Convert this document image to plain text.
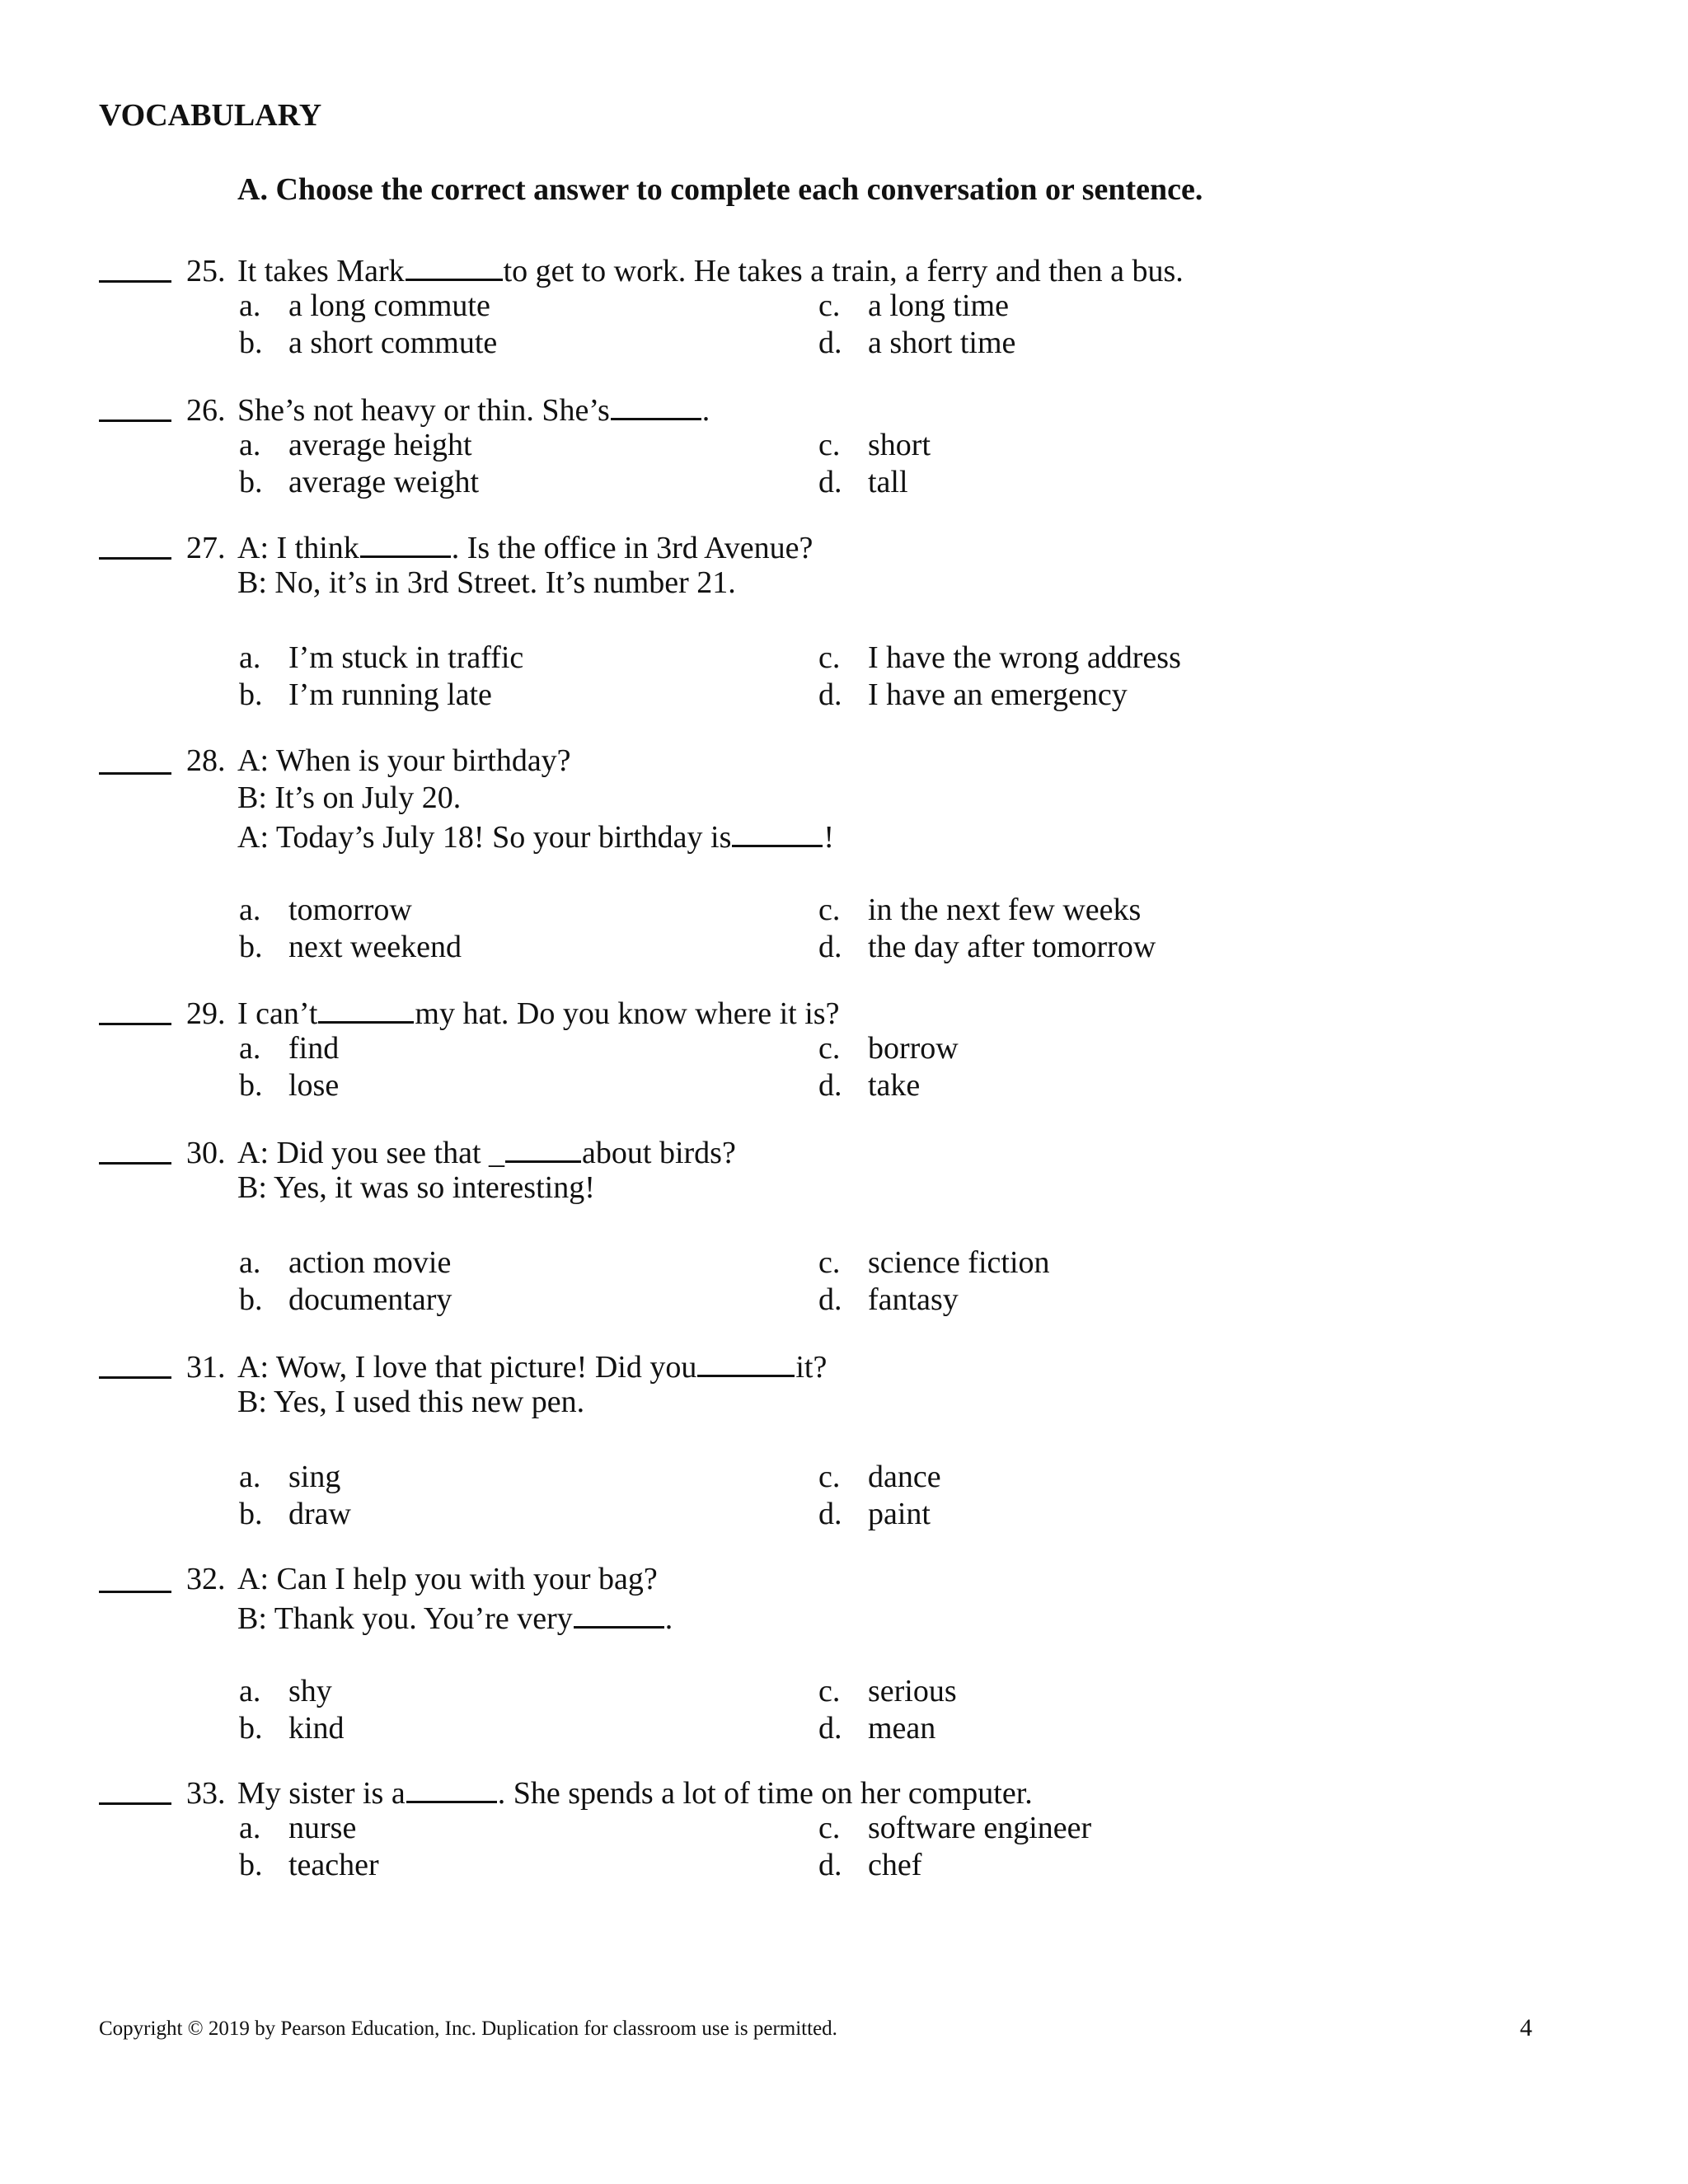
VOCABULARY
A. Choose the correct answer to complete each conversation or sentence.
25. It takes Mark	to get to work. He takes a train, a ferry and then a bus.
a. a long commute	c. a long time
b. a short commute	d. a short time
26. She’s not heavy or thin. She’s	.
a. average height	c. short
b. average weight	d. tall
27. A: I think	. Is the office in 3rd Avenue?
B: No, it’s in 3rd Street. It’s number 21.
a. I’m stuck in traffic	c. I have the wrong address
b. I’m running late	d. I have an emergency
28. A: When is your birthday?
B: It’s on July 20.
A: Today’s July 18! So your birthday is	!
a. tomorrow	c. in the next few weeks
b. next weekend	d. the day after tomorrow
29. I can’t	my hat. Do you know where it is?
a. find	c. borrow
b. lose	d. take
30. A: Did you see that _ about birds?
B: Yes, it was so interesting!
a. action movie	c. science fiction
b. documentary	d. fantasy
31. A: Wow, I love that picture! Did you	it?
B: Yes, I used this new pen.
a. sing	c. dance
b. draw	d. paint
32. A: Can I help you with your bag?
B: Thank you. You’re very	.
a. shy	c. serious
b. kind	d. mean
33. My sister is a	. She spends a lot of time on her computer.
a. nurse	c. software engineer
b. teacher	d. chef
Copyright © 2019 by Pearson Education, Inc. Duplication for classroom use is permitted.	4
